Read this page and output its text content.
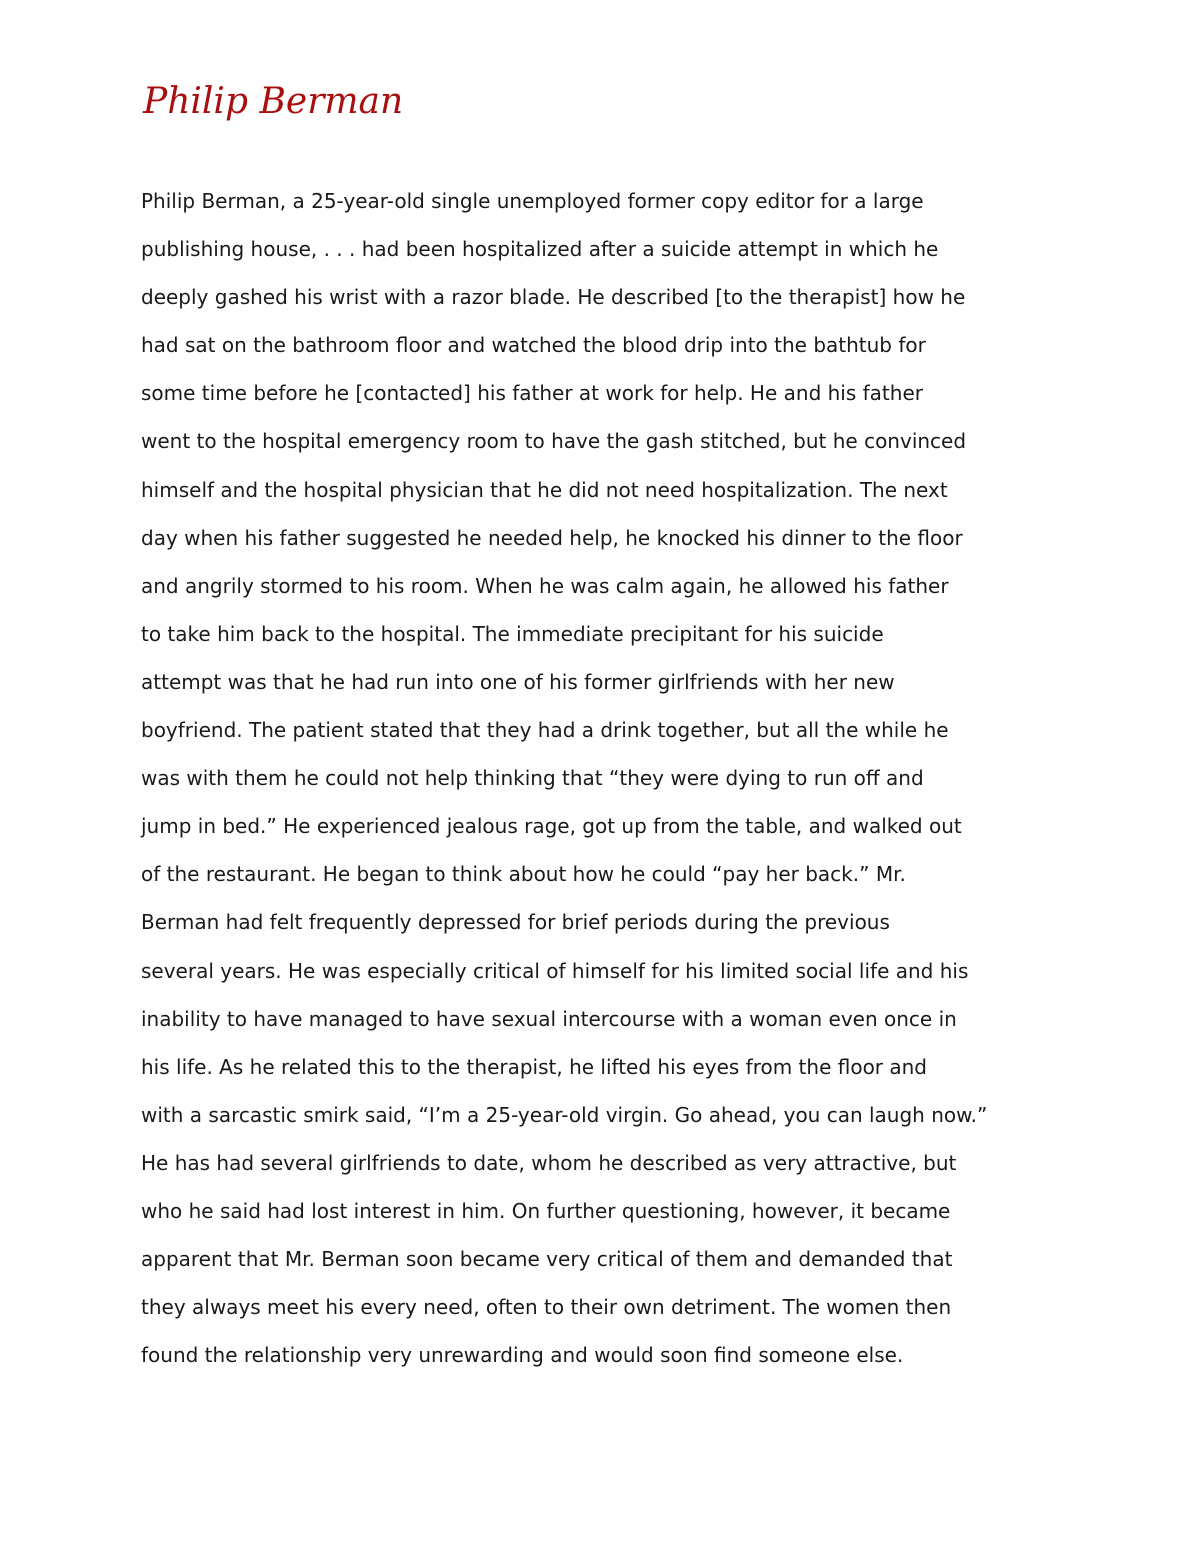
Philip Berman
Philip Berman, a 25-year-old single unemployed former copy editor for a large
publishing house, . . . had been hospitalized after a suicide attempt in which he
deeply gashed his wrist with a razor blade. He described [to the therapist] how he
had sat on the bathroom floor and watched the blood drip into the bathtub for
some time before he [contacted] his father at work for help. He and his father
went to the hospital emergency room to have the gash stitched, but he convinced
himself and the hospital physician that he did not need hospitalization. The next
day when his father suggested he needed help, he knocked his dinner to the floor
and angrily stormed to his room. When he was calm again, he allowed his father
to take him back to the hospital. The immediate precipitant for his suicide
attempt was that he had run into one of his former girlfriends with her new
boyfriend. The patient stated that they had a drink together, but all the while he
was with them he could not help thinking that “they were dying to run off and
jump in bed.” He experienced jealous rage, got up from the table, and walked out
of the restaurant. He began to think about how he could “pay her back.” Mr.
Berman had felt frequently depressed for brief periods during the previous
several years. He was especially critical of himself for his limited social life and his
inability to have managed to have sexual intercourse with a woman even once in
his life. As he related this to the therapist, he lifted his eyes from the floor and
with a sarcastic smirk said, “I’m a 25-year-old virgin. Go ahead, you can laugh now.”
He has had several girlfriends to date, whom he described as very attractive, but
who he said had lost interest in him. On further questioning, however, it became
apparent that Mr. Berman soon became very critical of them and demanded that
they always meet his every need, often to their own detriment. The women then
found the relationship very unrewarding and would soon find someone else.
